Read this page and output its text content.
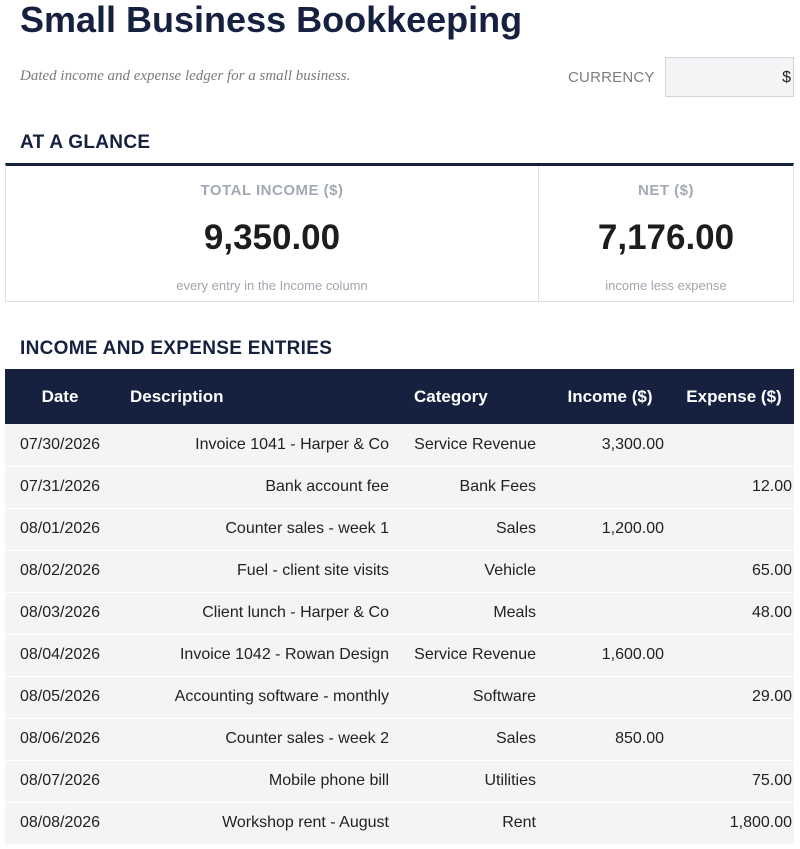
Small Business Bookkeeping
Dated income and expense ledger for a small business.	CURRENCY	$
AT A GLANCE
TOTAL INCOME ($)
9,350.00
every entry in the Income column
NET ($)
7,176.00
income less expense
INCOME AND EXPENSE ENTRIES
Date	Description	Category	Income ($)	Expense ($)
07/30/2026	Invoice 1041 - Harper & Co	Service Revenue	3,300.00	
07/31/2026	Bank account fee	Bank Fees		12.00
08/01/2026	Counter sales - week 1	Sales	1,200.00	
08/02/2026	Fuel - client site visits	Vehicle		65.00
08/03/2026	Client lunch - Harper & Co	Meals		48.00
08/04/2026	Invoice 1042 - Rowan Design	Service Revenue	1,600.00	
08/05/2026	Accounting software - monthly	Software		29.00
08/06/2026	Counter sales - week 2	Sales	850.00	
08/07/2026	Mobile phone bill	Utilities		75.00
08/08/2026	Workshop rent - August	Rent		1,800.00
